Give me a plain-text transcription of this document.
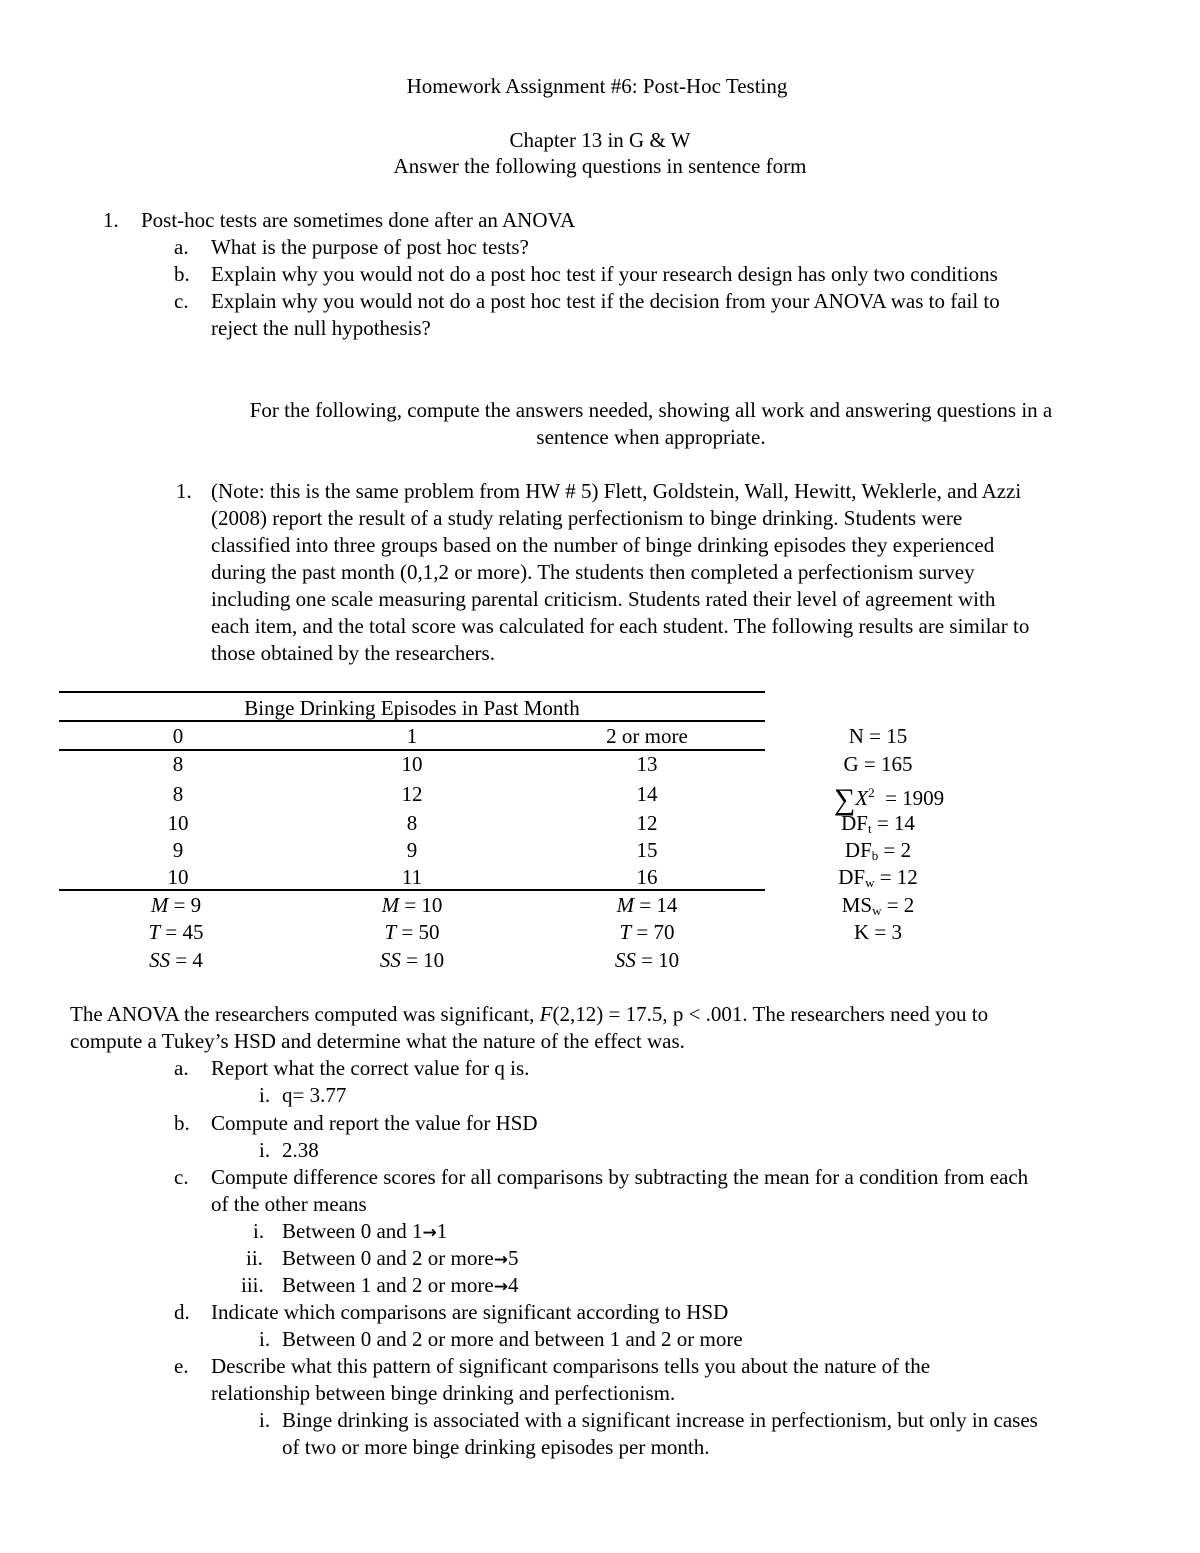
Homework Assignment #6: Post-Hoc Testing
Chapter 13 in G & W
Answer the following questions in sentence form
1. Post-hoc tests are sometimes done after an ANOVA
a. What is the purpose of post hoc tests?
b. Explain why you would not do a post hoc test if your research design has only two conditions
c. Explain why you would not do a post hoc test if the decision from your ANOVA was to fail to
reject the null hypothesis?
For the following, compute the answers needed, showing all work and answering questions in a
sentence when appropriate.
1. (Note: this is the same problem from HW # 5) Flett, Goldstein, Wall, Hewitt, Weklerle, and Azzi
(2008) report the result of a study relating perfectionism to binge drinking. Students were
classified into three groups based on the number of binge drinking episodes they experienced
during the past month (0,1,2 or more). The students then completed a perfectionism survey
including one scale measuring parental criticism. Students rated their level of agreement with
each item, and the total score was calculated for each student. The following results are similar to
those obtained by the researchers.
Binge Drinking Episodes in Past Month
0	1	2 or more
8	10	13
8	12	14
10	8	12
9	9	15
10	11	16
M = 9	M = 10	M = 14
T = 45	T = 50	T = 70
SS = 4	SS = 10	SS = 10
N = 15
G = 165
$\sum X^2 = 1909$
$DF_t = 14$
$DF_b = 2$
$DF_w = 12$
$MS_w = 2$
K = 3
The ANOVA the researchers computed was significant, F(2,12) = 17.5, p < .001. The researchers need you to
compute a Tukey’s HSD and determine what the nature of the effect was.
a. Report what the correct value for q is.
i. q= 3.77
b. Compute and report the value for HSD
i. 2.38
c. Compute difference scores for all comparisons by subtracting the mean for a condition from each
of the other means
i. Between 0 and 1→1
ii. Between 0 and 2 or more→5
iii. Between 1 and 2 or more→4
d. Indicate which comparisons are significant according to HSD
i. Between 0 and 2 or more and between 1 and 2 or more
e. Describe what this pattern of significant comparisons tells you about the nature of the
relationship between binge drinking and perfectionism.
i. Binge drinking is associated with a significant increase in perfectionism, but only in cases
of two or more binge drinking episodes per month.
